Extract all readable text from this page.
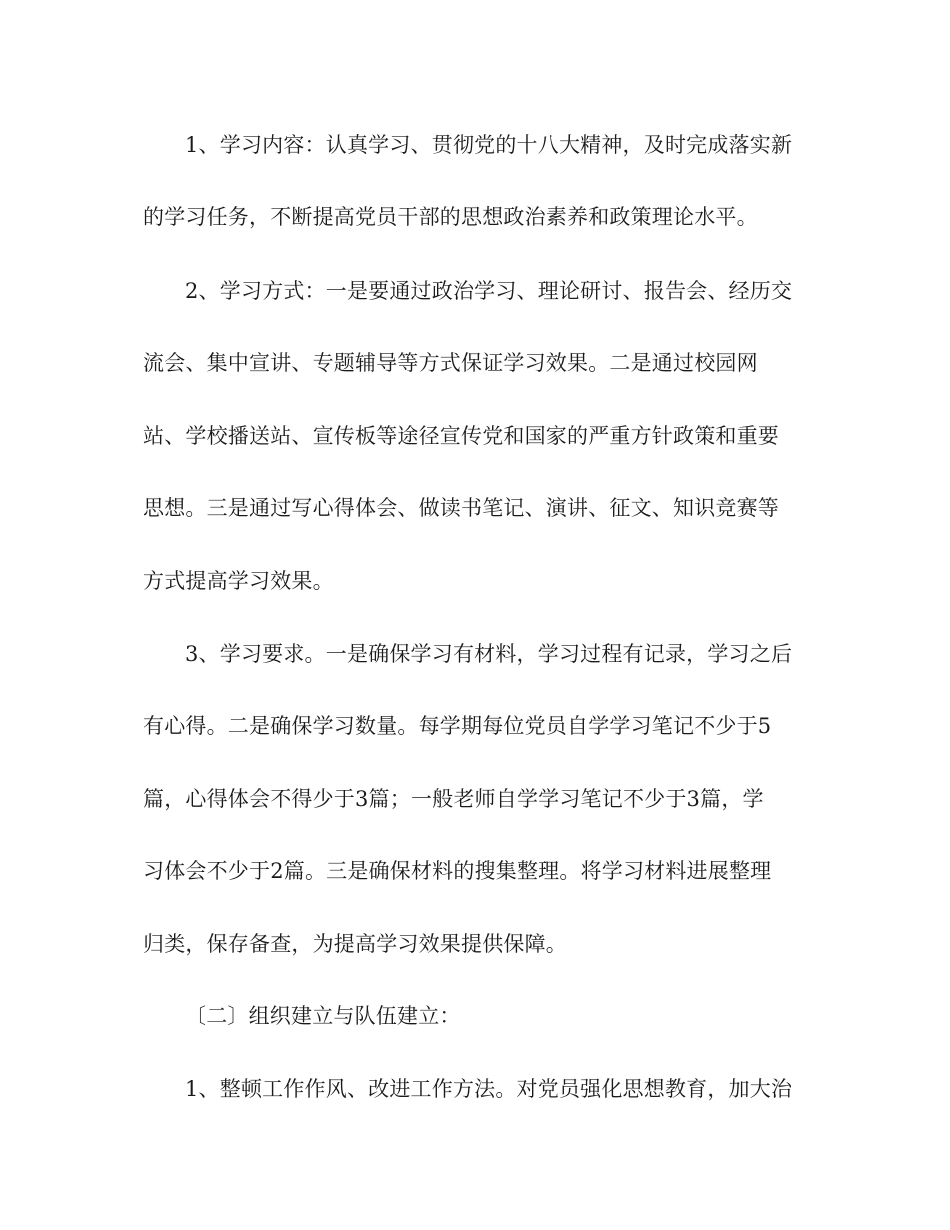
1、学习内容：认真学习、贯彻党的十八大精神，及时完成落实新
的学习任务，不断提高党员干部的思想政治素养和政策理论水平。
2、学习方式：一是要通过政治学习、理论研讨、报告会、经历交
流会、集中宣讲、专题辅导等方式保证学习效果。二是通过校园网
站、学校播送站、宣传板等途径宣传党和国家的严重方针政策和重要
思想。三是通过写心得体会、做读书笔记、演讲、征文、知识竞赛等
方式提高学习效果。
3、学习要求。一是确保学习有材料，学习过程有记录，学习之后
有心得。二是确保学习数量。每学期每位党员自学学习笔记不少于5
篇，心得体会不得少于3篇；一般老师自学学习笔记不少于3篇，学
习体会不少于2篇。三是确保材料的搜集整理。将学习材料进展整理
归类，保存备查，为提高学习效果提供保障。
〔二〕组织建立与队伍建立：
1、整顿工作作风、改进工作方法。对党员强化思想教育，加大治
